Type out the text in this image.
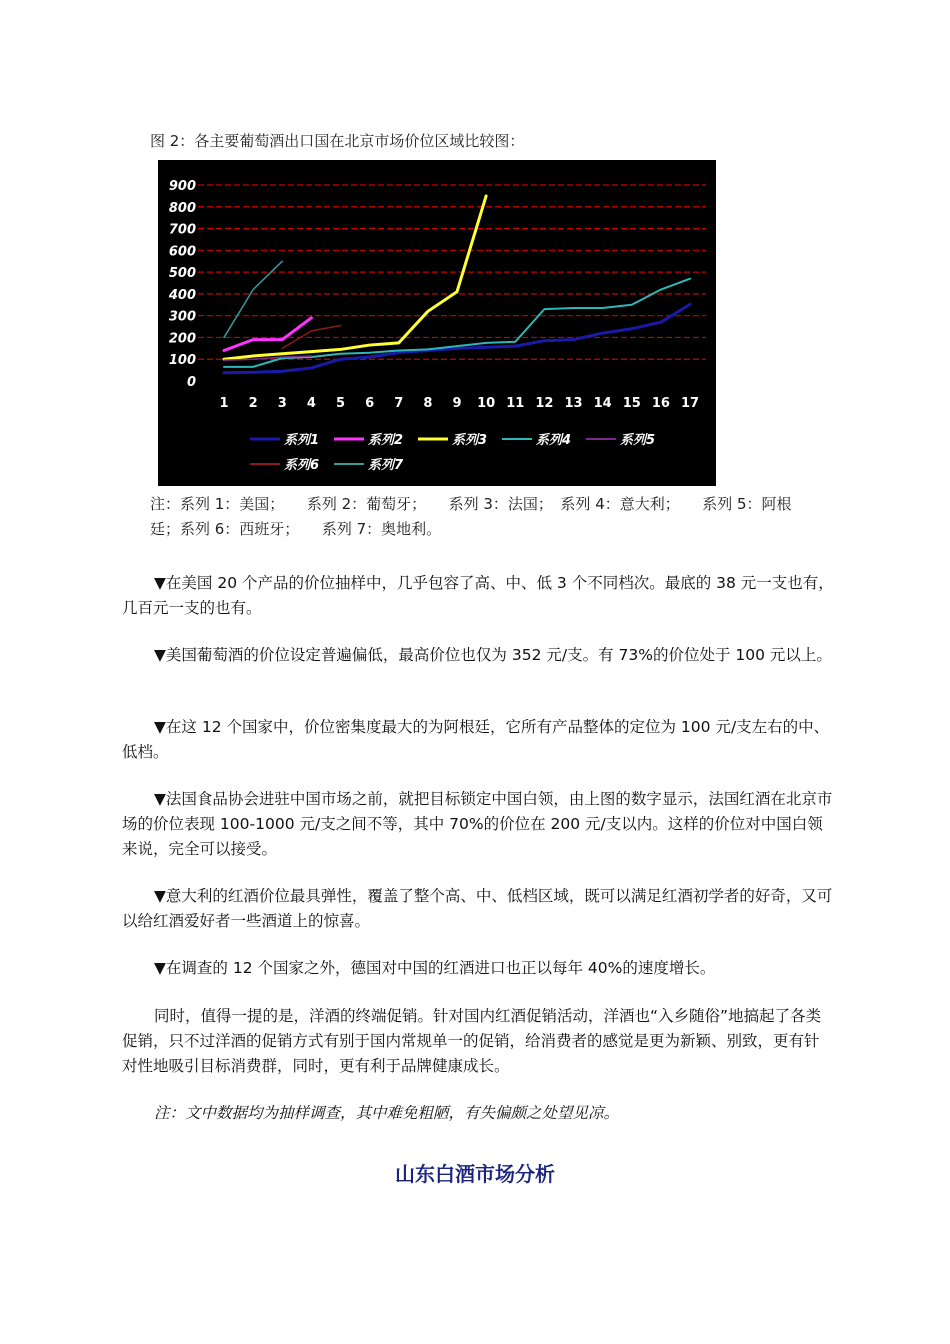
图 2：各主要葡萄酒出口国在北京市场价位区域比较图：
0
100
200
300
400
500
600
700
800
900
1 2 3 4 5 6 7 8 9 10 11 12 13 14 15 16 17
系列1	系列2	系列3	系列4	系列5
系列6	系列7
注：系列 1：美国；　　系列 2：葡萄牙；　　系列 3：法国；　系列 4：意大利；　　系列 5：阿根廷；系列 6：西班牙；　　系列 7：奥地利。

▼在美国 20 个产品的价位抽样中，几乎包容了高、中、低 3 个不同档次。最底的 38 元一支也有， 几百元一支的也有。

▼美国葡萄酒的价位设定普遍偏低，最高价位也仅为 352 元/支。有 73%的价位处于 100 元以上。

▼在这 12 个国家中，价位密集度最大的为阿根廷，它所有产品整体的定位为 100 元/支左右的中、低档。

▼法国食品协会进驻中国市场之前，就把目标锁定中国白领，由上图的数字显示，法国红酒在北京市场的价位表现 100-1000 元/支之间不等，其中 70%的价位在 200 元/支以内。这样的价位对中国白领来说，完全可以接受。

▼意大利的红酒价位最具弹性，覆盖了整个高、中、低档区域，既可以满足红酒初学者的好奇，又可以给红酒爱好者一些酒道上的惊喜。

▼在调查的 12 个国家之外，德国对中国的红酒进口也正以每年 40%的速度增长。

同时，值得一提的是，洋酒的终端促销。针对国内红酒促销活动，洋酒也“入乡随俗”地搞起了各类促销，只不过洋酒的促销方式有别于国内常规单一的促销，给消费者的感觉是更为新颖、别致，更有针对性地吸引目标消费群，同时，更有利于品牌健康成长。

注：文中数据均为抽样调查，其中难免粗陋，有失偏颇之处望见凉。

山东白酒市场分析
